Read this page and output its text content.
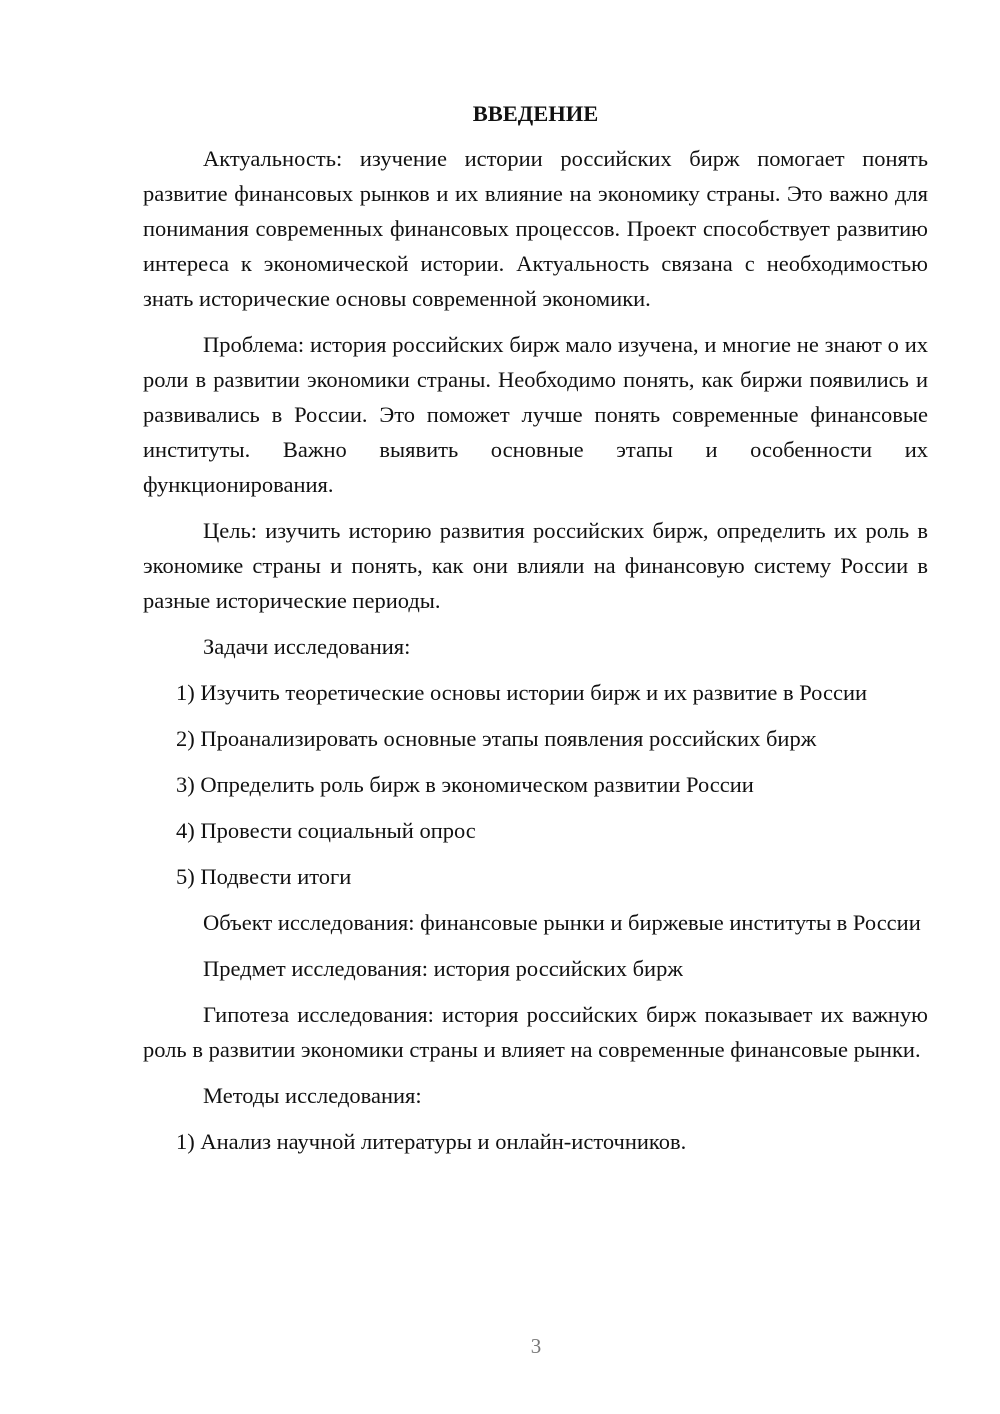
ВВЕДЕНИЕ

Актуальность: изучение истории российских бирж помогает понять развитие финансовых рынков и их влияние на экономику страны. Это важно для понимания современных финансовых процессов. Проект способствует развитию интереса к экономической истории. Актуальность связана с необходимостью знать исторические основы современной экономики.

Проблема: история российских бирж мало изучена, и многие не знают о их роли в развитии экономики страны. Необходимо понять, как биржи появились и развивались в России. Это поможет лучше понять современные финансовые институты. Важно выявить основные этапы и особенности их функционирования.

Цель: изучить историю развития российских бирж, определить их роль в экономике страны и понять, как они влияли на финансовую систему России в разные исторические периоды.

Задачи исследования:

1) Изучить теоретические основы истории бирж и их развитие в России

2) Проанализировать основные этапы появления российских бирж

3) Определить роль бирж в экономическом развитии России

4) Провести социальный опрос

5) Подвести итоги

Объект исследования: финансовые рынки и биржевые институты в России

Предмет исследования: история российских бирж

Гипотеза исследования: история российских бирж показывает их важную роль в развитии экономики страны и влияет на современные финансовые рынки.

Методы исследования:

1) Анализ научной литературы и онлайн-источников.

3
